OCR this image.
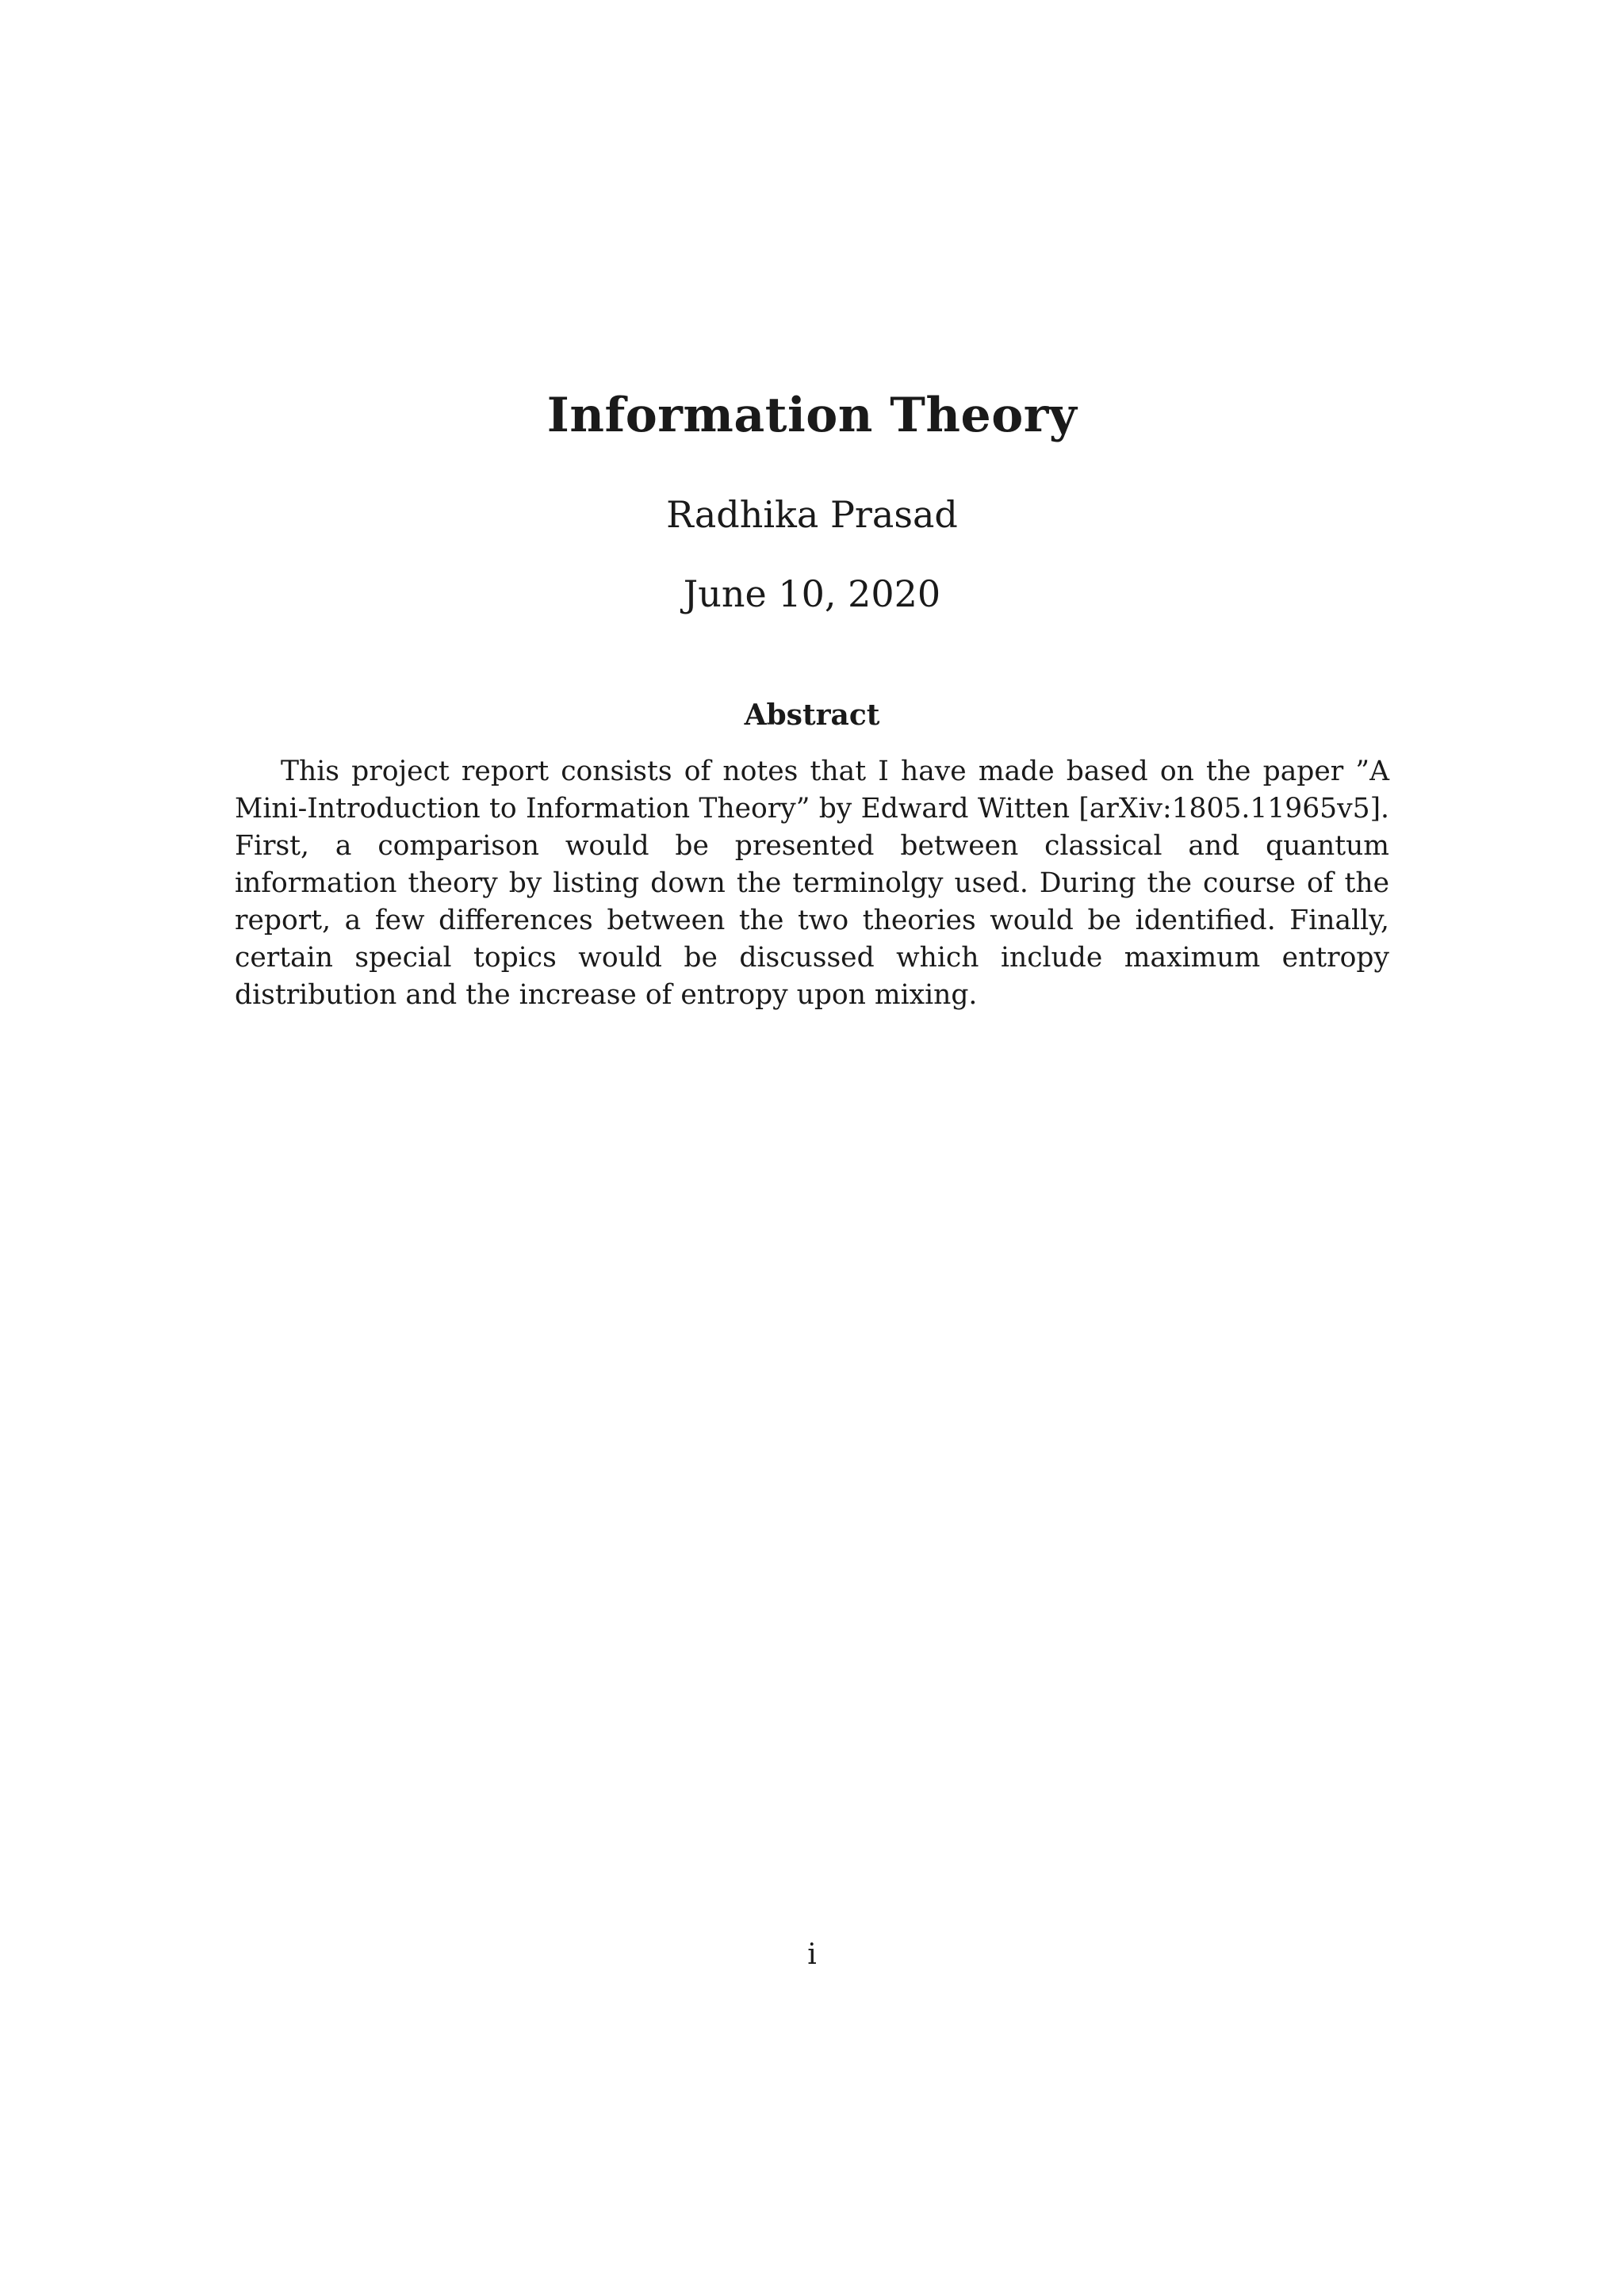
Information Theory
Radhika Prasad
June 10, 2020
Abstract
This project report consists of notes that I have made based on the paper ”A Mini-Introduction to Information Theory” by Edward Witten [arXiv:1805.11965v5]. First, a comparison would be presented between classical and quantum information theory by listing down the terminolgy used. During the course of the report, a few differences between the two theories would be identified. Finally, certain special topics would be discussed which include maximum entropy distribution and the increase of entropy upon mixing.
i
